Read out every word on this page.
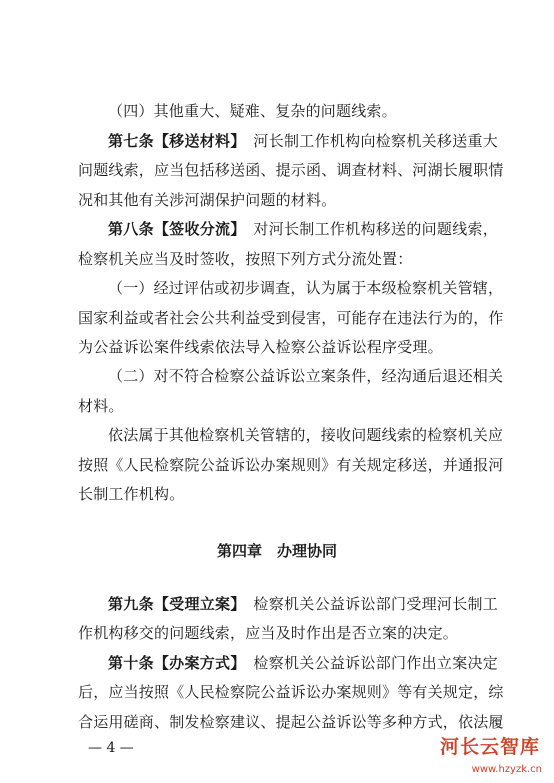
（四）其他重大、疑难、复杂的问题线索。
第七条【移送材料】　河长制工作机构向检察机关移送重大
问题线索，应当包括移送函、提示函、调查材料、河湖长履职情
况和其他有关涉河湖保护问题的材料。
第八条【签收分流】　对河长制工作机构移送的问题线索，
检察机关应当及时签收，按照下列方式分流处置：
（一）经过评估或初步调查，认为属于本级检察机关管辖，
国家利益或者社会公共利益受到侵害，可能存在违法行为的，作
为公益诉讼案件线索依法导入检察公益诉讼程序受理。
（二）对不符合检察公益诉讼立案条件，经沟通后退还相关
材料。
依法属于其他检察机关管辖的，接收问题线索的检察机关应
按照《人民检察院公益诉讼办案规则》有关规定移送，并通报河
长制工作机构。
第四章　办理协同
第九条【受理立案】　检察机关公益诉讼部门受理河长制工
作机构移交的问题线索，应当及时作出是否立案的决定。
第十条【办案方式】　检察机关公益诉讼部门作出立案决定
后，应当按照《人民检察院公益诉讼办案规则》等有关规定，综
合运用磋商、制发检察建议、提起公益诉讼等多种方式，依法履
— 4 —	河长云智库
www.hzyzk.cn
